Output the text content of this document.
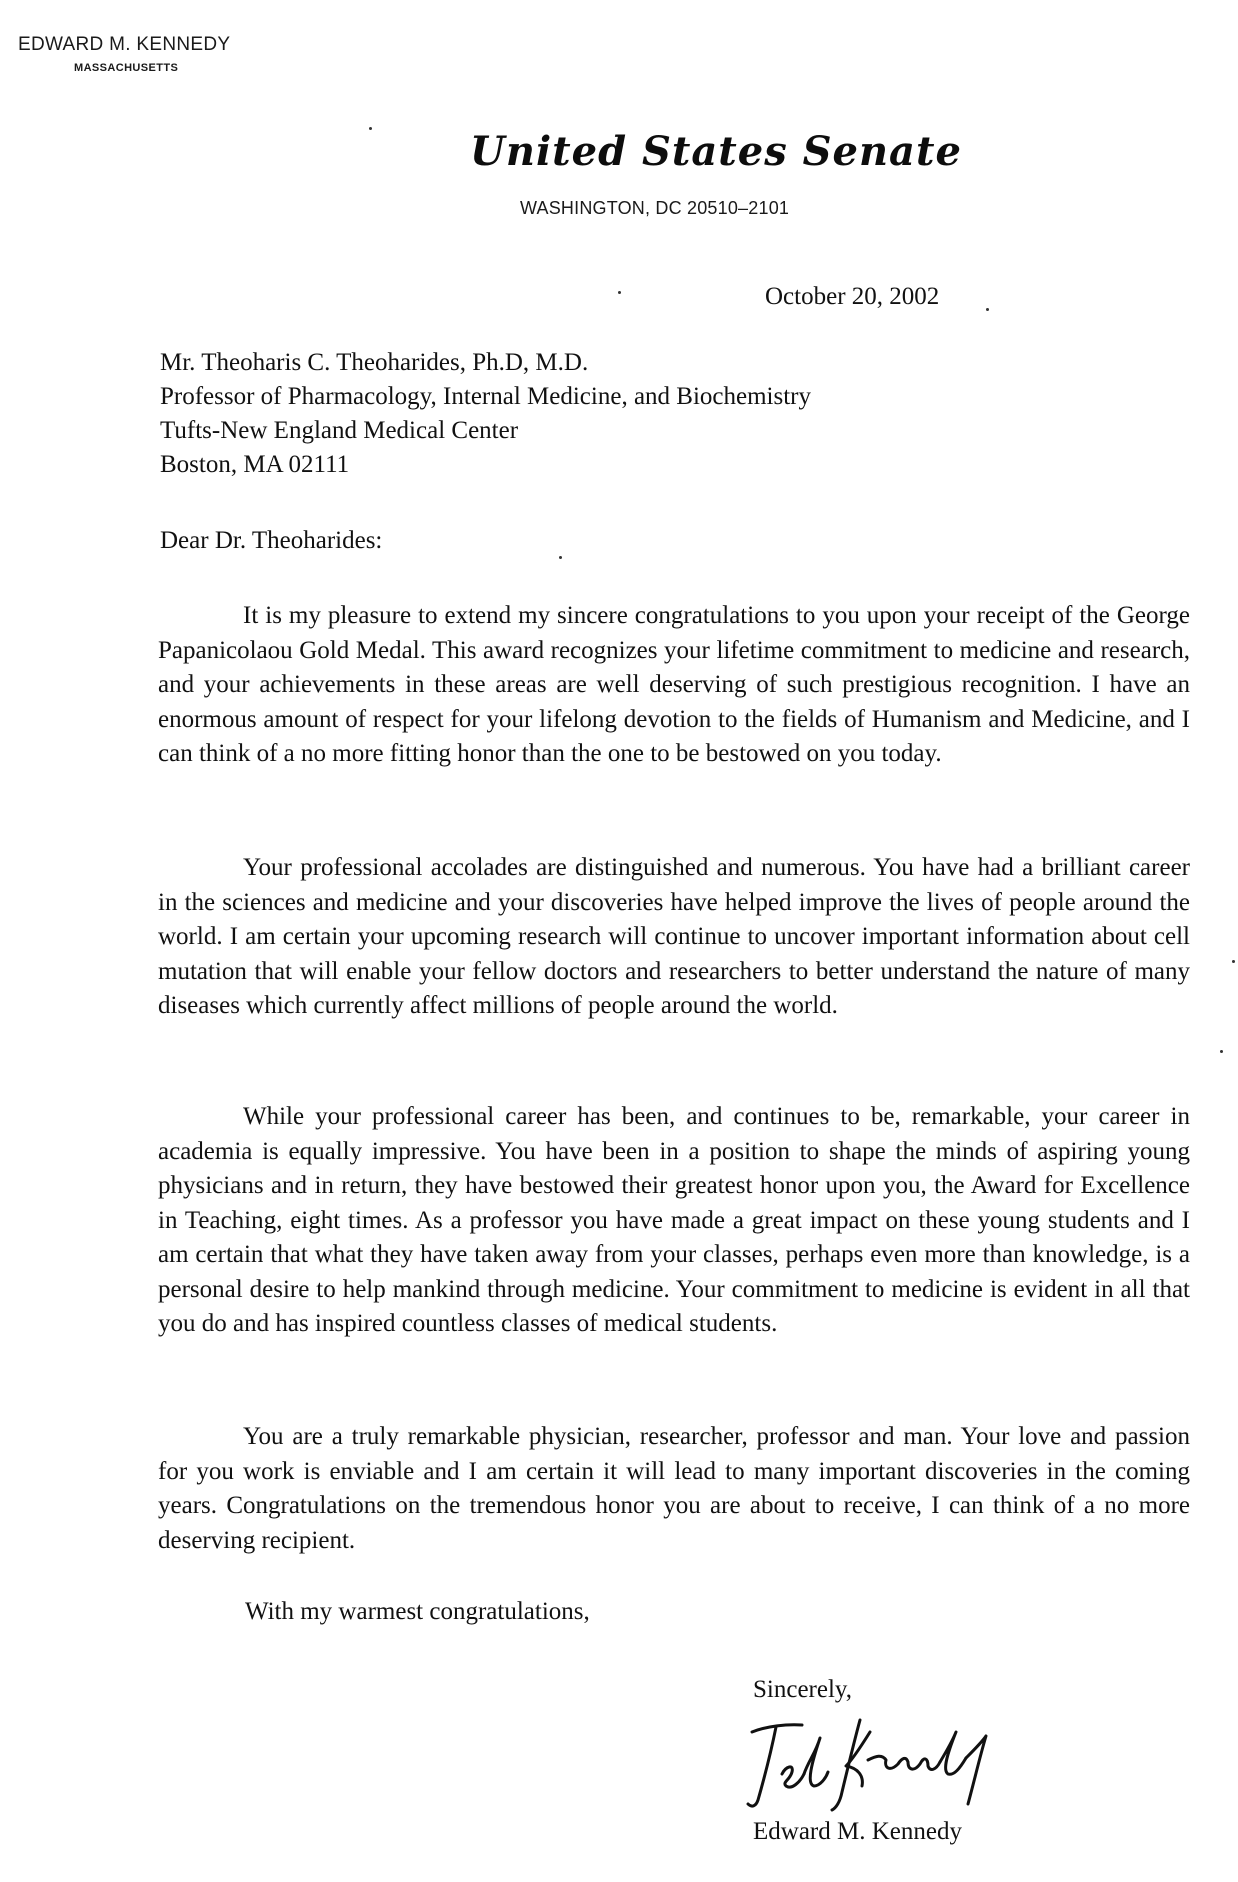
EDWARD M. KENNEDY
MASSACHUSETTS
United States Senate
WASHINGTON, DC 20510–2101
October 20, 2002
Mr. Theoharis C. Theoharides, Ph.D, M.D.
Professor of Pharmacology, Internal Medicine, and Biochemistry
Tufts-New England Medical Center
Boston, MA 02111
Dear Dr. Theoharides:

It is my pleasure to extend my sincere congratulations to you upon your receipt of the George Papanicolaou Gold Medal. This award recognizes your lifetime commitment to medicine and research, and your achievements in these areas are well deserving of such prestigious recognition. I have an enormous amount of respect for your lifelong devotion to the fields of Humanism and Medicine, and I can think of a no more fitting honor than the one to be bestowed on you today.

Your professional accolades are distinguished and numerous. You have had a brilliant career in the sciences and medicine and your discoveries have helped improve the lives of people around the world. I am certain your upcoming research will continue to uncover important information about cell mutation that will enable your fellow doctors and researchers to better understand the nature of many diseases which currently affect millions of people around the world.

While your professional career has been, and continues to be, remarkable, your career in academia is equally impressive. You have been in a position to shape the minds of aspiring young physicians and in return, they have bestowed their greatest honor upon you, the Award for Excellence in Teaching, eight times. As a professor you have made a great impact on these young students and I am certain that what they have taken away from your classes, perhaps even more than knowledge, is a personal desire to help mankind through medicine. Your commitment to medicine is evident in all that you do and has inspired countless classes of medical students.

You are a truly remarkable physician, researcher, professor and man. Your love and passion for you work is enviable and I am certain it will lead to many important discoveries in the coming years. Congratulations on the tremendous honor you are about to receive, I can think of a no more deserving recipient.

With my warmest congratulations,
Sincerely,
Edward M. Kennedy
